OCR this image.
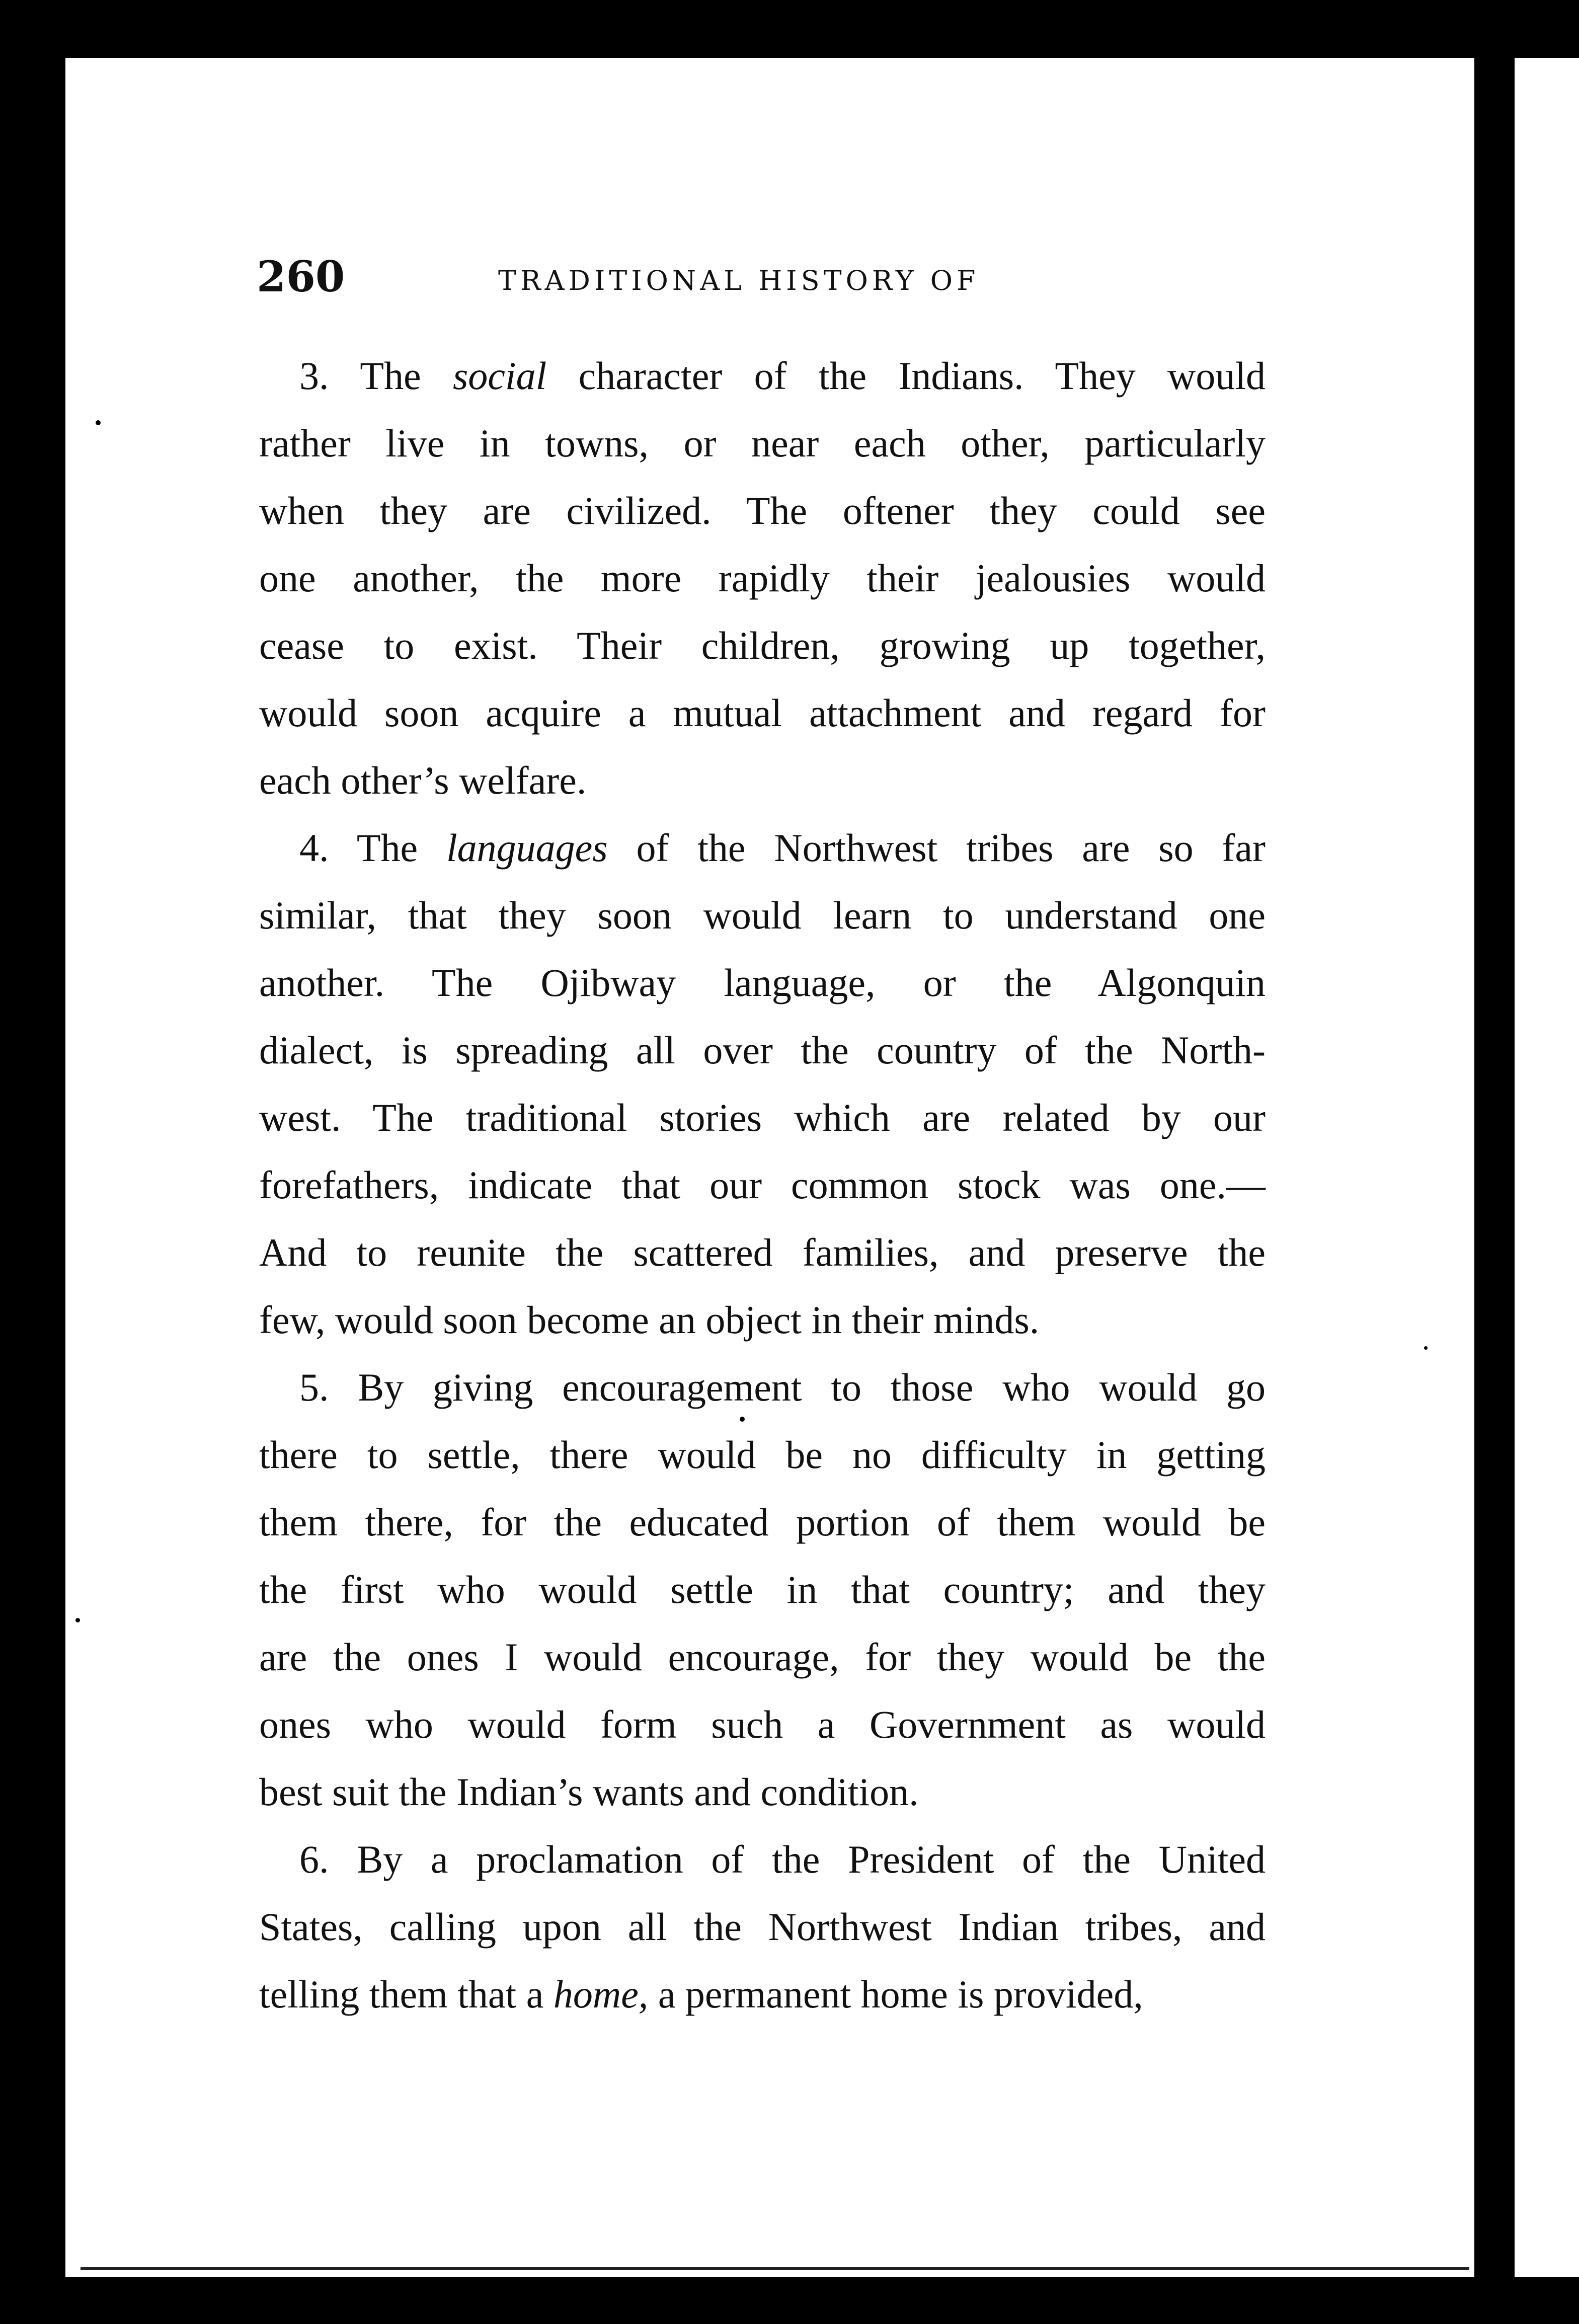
260	TRADITIONAL HISTORY OF
3. The social character of the Indians. They would
rather live in towns, or near each other, particularly
when they are civilized. The oftener they could see
one another, the more rapidly their jealousies would
cease to exist. Their children, growing up together,
would soon acquire a mutual attachment and regard for
each other’s welfare.
4. The languages of the Northwest tribes are so far
similar, that they soon would learn to understand one
another. The Ojibway language, or the Algonquin
dialect, is spreading all over the country of the North-
west. The traditional stories which are related by our
forefathers, indicate that our common stock was one.—
And to reunite the scattered families, and preserve the
few, would soon become an object in their minds.
5. By giving encouragement to those who would go
there to settle, there would be no difficulty in getting
them there, for the educated portion of them would be
the first who would settle in that country; and they
are the ones I would encourage, for they would be the
ones who would form such a Government as would
best suit the Indian’s wants and condition.
6. By a proclamation of the President of the United
States, calling upon all the Northwest Indian tribes, and
telling them that a home, a permanent home is provided,
